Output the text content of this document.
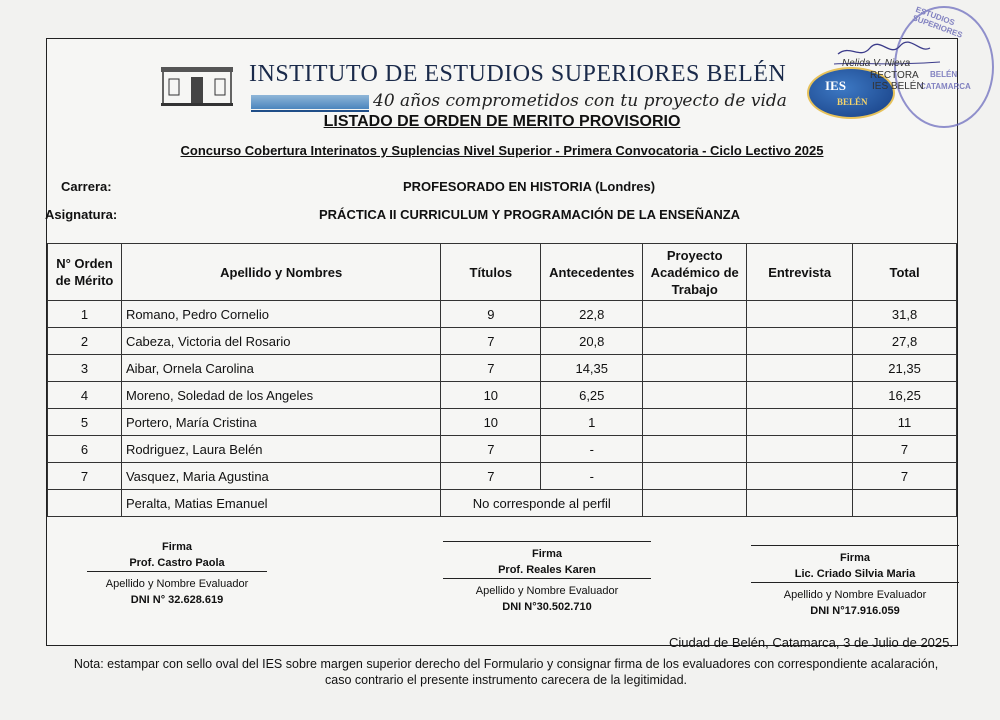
INSTITUTO DE ESTUDIOS SUPERIORES BELÉN
40 años comprometidos con tu proyecto de vida
IES
BELÉN
LISTADO DE ORDEN DE MERITO PROVISORIO
Concurso Cobertura Interinatos y Suplencias Nivel Superior - Primera Convocatoria - Ciclo Lectivo 2025
Carrera:	PROFESORADO EN HISTORIA (Londres)
Asignatura:	PRÁCTICA II CURRICULUM Y PROGRAMACIÓN DE LA ENSEÑANZA
N° Orden de Mérito	Apellido y Nombres	Títulos	Antecedentes	Proyecto Académico de Trabajo	Entrevista	Total
1	Romano, Pedro Cornelio	9	22,8			31,8
2	Cabeza, Victoria del Rosario	7	20,8			27,8
3	Aibar, Ornela Carolina	7	14,35			21,35
4	Moreno, Soledad de los Angeles	10	6,25			16,25
5	Portero, María Cristina	10	1			11
6	Rodriguez, Laura Belén	7	-			7
7	Vasquez, Maria Agustina	7	-			7
	Peralta, Matias Emanuel	No corresponde al perfil				
Firma
Prof. Castro Paola
Apellido y Nombre Evaluador
DNI N° 32.628.619
Firma
Prof. Reales Karen
Apellido y Nombre Evaluador
DNI N°30.502.710
Firma
Lic. Criado Silvia Maria
Apellido y Nombre Evaluador
DNI N°17.916.059
Ciudad de Belén, Catamarca, 3 de Julio de 2025.
Nota: estampar con sello oval del IES sobre margen superior derecho del Formulario y consignar firma de los evaluadores con correspondiente acalaración, caso contrario el presente instrumento carecera de la legitimidad.
ESTUDIOS SUPERIORES
BELÉN
CATAMARCA
Nelida V. Nieva
RECTORA
IES BELÉN
